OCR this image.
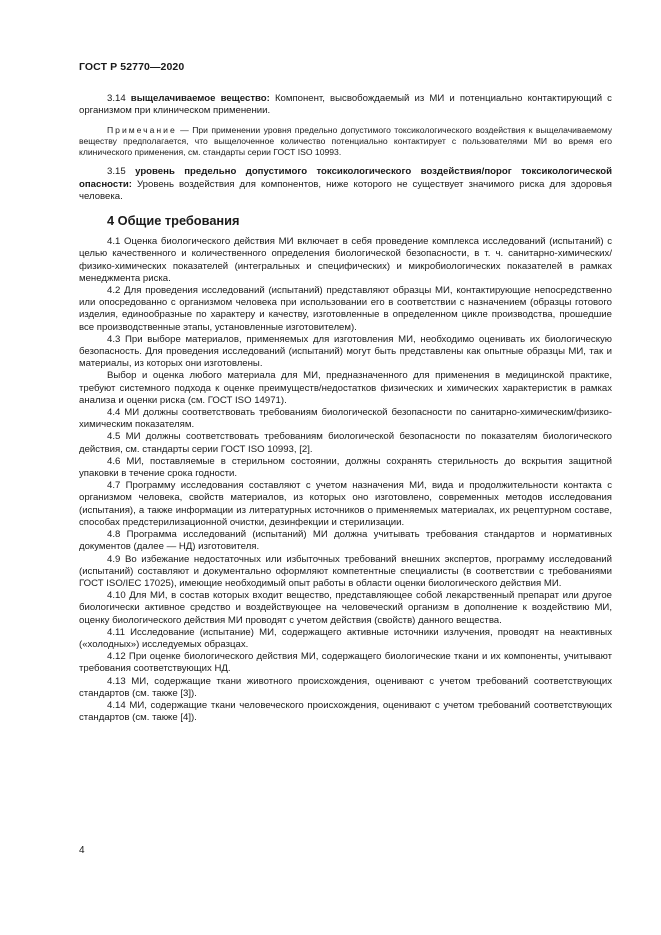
ГОСТ Р 52770—2020

3.14 выщелачиваемое вещество: Компонент, высвобождаемый из МИ и потенциально контактирующий с организмом при клиническом применении.

Примечание — При применении уровня предельно допустимого токсикологического воздействия к выщелачиваемому веществу предполагается, что выщелоченное количество потенциально контактирует с пользователями МИ во время его клинического применения, см. стандарты серии ГОСТ ISO 10993.

3.15 уровень предельно допустимого токсикологического воздействия/порог токсикологической опасности: Уровень воздействия для компонентов, ниже которого не существует значимого риска для здоровья человека.

4 Общие требования

4.1 Оценка биологического действия МИ включает в себя проведение комплекса исследований (испытаний) с целью качественного и количественного определения биологической безопасности, в т. ч. санитарно-химических/физико-химических показателей (интегральных и специфических) и микробиологических показателей в рамках менеджмента риска.

4.2 Для проведения исследований (испытаний) представляют образцы МИ, контактирующие непосредственно или опосредованно с организмом человека при использовании его в соответствии с назначением (образцы готового изделия, единообразные по характеру и качеству, изготовленные в определенном цикле производства, прошедшие все производственные этапы, установленные изготовителем).

4.3 При выборе материалов, применяемых для изготовления МИ, необходимо оценивать их биологическую безопасность. Для проведения исследований (испытаний) могут быть представлены как опытные образцы МИ, так и материалы, из которых они изготовлены.

Выбор и оценка любого материала для МИ, предназначенного для применения в медицинской практике, требуют системного подхода к оценке преимуществ/недостатков физических и химических характеристик в рамках анализа и оценки риска (см. ГОСТ ISO 14971).

4.4 МИ должны соответствовать требованиям биологической безопасности по санитарно-химическим/физико-химическим показателям.

4.5 МИ должны соответствовать требованиям биологической безопасности по показателям биологического действия, см. стандарты серии ГОСТ ISO 10993, [2].

4.6 МИ, поставляемые в стерильном состоянии, должны сохранять стерильность до вскрытия защитной упаковки в течение срока годности.

4.7 Программу исследования составляют с учетом назначения МИ, вида и продолжительности контакта с организмом человека, свойств материалов, из которых оно изготовлено, современных методов исследования (испытания), а также информации из литературных источников о применяемых материалах, их рецептурном составе, способах предстерилизационной очистки, дезинфекции и стерилизации.

4.8 Программа исследований (испытаний) МИ должна учитывать требования стандартов и нормативных документов (далее — НД) изготовителя.

4.9 Во избежание недостаточных или избыточных требований внешних экспертов, программу исследований (испытаний) составляют и документально оформляют компетентные специалисты (в соответствии с требованиями ГОСТ ISO/IEC 17025), имеющие необходимый опыт работы в области оценки биологического действия МИ.

4.10 Для МИ, в состав которых входит вещество, представляющее собой лекарственный препарат или другое биологически активное средство и воздействующее на человеческий организм в дополнение к воздействию МИ, оценку биологического действия МИ проводят с учетом действия (свойств) данного вещества.

4.11 Исследование (испытание) МИ, содержащего активные источники излучения, проводят на неактивных («холодных») исследуемых образцах.

4.12 При оценке биологического действия МИ, содержащего биологические ткани и их компоненты, учитывают требования соответствующих НД.

4.13 МИ, содержащие ткани животного происхождения, оценивают с учетом требований соответствующих стандартов (см. также [3]).

4.14 МИ, содержащие ткани человеческого происхождения, оценивают с учетом требований соответствующих стандартов (см. также [4]).

4
